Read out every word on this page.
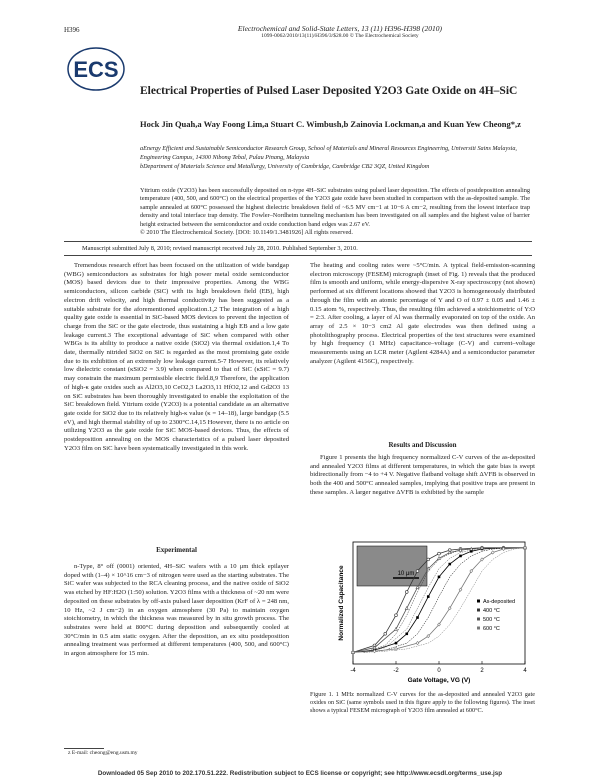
H396	Electrochemical and Solid-State Letters, 13 (11) H396-H398 (2010)
1099-0062/2010/13(11)/H396/3/$28.00 © The Electrochemical Society
ECS
Electrical Properties of Pulsed Laser Deposited Y2O3 Gate Oxide on 4H–SiC
Hock Jin Quah,a Way Foong Lim,a Stuart C. Wimbush,b Zainovia Lockman,a and Kuan Yew Cheong*,z

aEnergy Efficient and Sustainable Semiconductor Research Group, School of Materials and Mineral Resources Engineering, Universiti Sains Malaysia, Engineering Campus, 14300 Nibong Tebal, Pulau Pinang, Malaysia

bDepartment of Materials Science and Metallurgy, University of Cambridge, Cambridge CB2 3QZ, United Kingdom

Yttrium oxide (Y2O3) has been successfully deposited on n-type 4H–SiC substrates using pulsed laser deposition. The effects of postdeposition annealing temperature (400, 500, and 600°C) on the electrical properties of the Y2O3 gate oxide have been studied in comparison with the as-deposited sample. The sample annealed at 600°C possessed the highest dielectric breakdown field of ~6.5 MV cm−1 at 10−6 A cm−2, resulting from the lowest interface trap density and total interface trap density. The Fowler–Nordheim tunneling mechanism has been investigated on all samples and the highest value of barrier height extracted between the semiconductor and oxide conduction band edges was 2.67 eV.
© 2010 The Electrochemical Society. [DOI: 10.1149/1.3481926] All rights reserved.
Manuscript submitted July 8, 2010; revised manuscript received July 28, 2010. Published September 3, 2010.

Tremendous research effort has been focused on the utilization of wide bandgap (WBG) semiconductors as substrates for high power metal oxide semiconductor (MOS) based devices due to their impressive properties. Among the WBG semiconductors, silicon carbide (SiC) with its high breakdown field (EB), high electron drift velocity, and high thermal conductivity has been suggested as a suitable substrate for the aforementioned application.1,2 The integration of a high quality gate oxide is essential in SiC-based MOS devices to prevent the injection of charge from the SiC or the gate electrode, thus sustaining a high EB and a low gate leakage current.3 The exceptional advantage of SiC when compared with other WBGs is its ability to produce a native oxide (SiO2) via thermal oxidation.1,4 To date, thermally nitrided SiO2 on SiC is regarded as the most promising gate oxide due to its exhibition of an extremely low leakage current.5-7 However, its relatively low dielectric constant (κSiO2 = 3.9) when compared to that of SiC (κSiC = 9.7) may constrain the maximum permissible electric field.8,9 Therefore, the application of high-κ gate oxides such as Al2O3,10 CeO2,3 La2O3,11 HfO2,12 and Gd2O3 13 on SiC substrates has been thoroughly investigated to enable the exploitation of the SiC breakdown field. Yttrium oxide (Y2O3) is a potential candidate as an alternative gate oxide for SiO2 due to its relatively high-κ value (κ = 14–18), large bandgap (5.5 eV), and high thermal stability of up to 2300°C.14,15 However, there is no article on utilizing Y2O3 as the gate oxide for SiC MOS-based devices. Thus, the effects of postdeposition annealing on the MOS characteristics of a pulsed laser deposited Y2O3 film on SiC have been systematically investigated in this work.

Experimental

n-Type, 8° off (0001) oriented, 4H–SiC wafers with a 10 μm thick epilayer doped with (1–4) × 10^16 cm−3 of nitrogen were used as the starting substrates. The SiC wafer was subjected to the RCA cleaning process, and the native oxide of SiO2 was etched by HF:H2O (1:50) solution. Y2O3 films with a thickness of ~20 nm were deposited on these substrates by off-axis pulsed laser deposition (KrF of λ = 248 nm, 10 Hz, ~2 J cm−2) in an oxygen atmosphere (30 Pa) to maintain oxygen stoichiometry, in which the thickness was measured by in situ growth process. The substrates were held at 800°C during deposition and subsequently cooled at 30°C/min in 0.5 atm static oxygen. After the deposition, an ex situ postdeposition annealing treatment was performed at different temperatures (400, 500, and 600°C) in argon atmosphere for 15 min.

The heating and cooling rates were ~5°C/min. A typical field-emission-scanning electron microscopy (FESEM) micrograph (inset of Fig. 1) reveals that the produced film is smooth and uniform, while energy-dispersive X-ray spectroscopy (not shown) performed at six different locations showed that Y2O3 is homogeneously distributed through the film with an atomic percentage of Y and O of 0.97 ± 0.05 and 1.46 ± 0.15 atom %, respectively. Thus, the resulting film achieved a stoichiometric of Y:O = 2:3. After cooling, a layer of Al was thermally evaporated on top of the oxide. An array of 2.5 × 10−3 cm2 Al gate electrodes was then defined using a photolithography process. Electrical properties of the test structures were examined by high frequency (1 MHz) capacitance–voltage (C-V) and current–voltage measurements using an LCR meter (Agilent 4284A) and a semiconductor parameter analyzer (Agilent 4156C), respectively.

Results and Discussion

Figure 1 presents the high frequency normalized C-V curves of the as-deposited and annealed Y2O3 films at different temperatures, in which the gate bias is swept bidirectionally from −4 to +4 V. Negative flatband voltage shift ΔVFB is observed in both the 400 and 500°C annealed samples, implying that positive traps are present in these samples. A larger negative ΔVFB is exhibited by the sample

10 μm
-4	-2	0	2	4
Gate Voltage, VG (V)
Normalized Capacitance	As-deposited
400 °C
500 °C
600 °C
Figure 1. 1 MHz normalized C-V curves for the as-deposited and annealed Y2O3 gate oxides on SiC (same symbols used in this figure apply to the following figures). The inset shows a typical FESEM micrograph of Y2O3 film annealed at 600°C.
z E-mail: cheong@eng.usm.my
Downloaded 05 Sep 2010 to 202.170.51.222. Redistribution subject to ECS license or copyright; see http://www.ecsdl.org/terms_use.jsp
